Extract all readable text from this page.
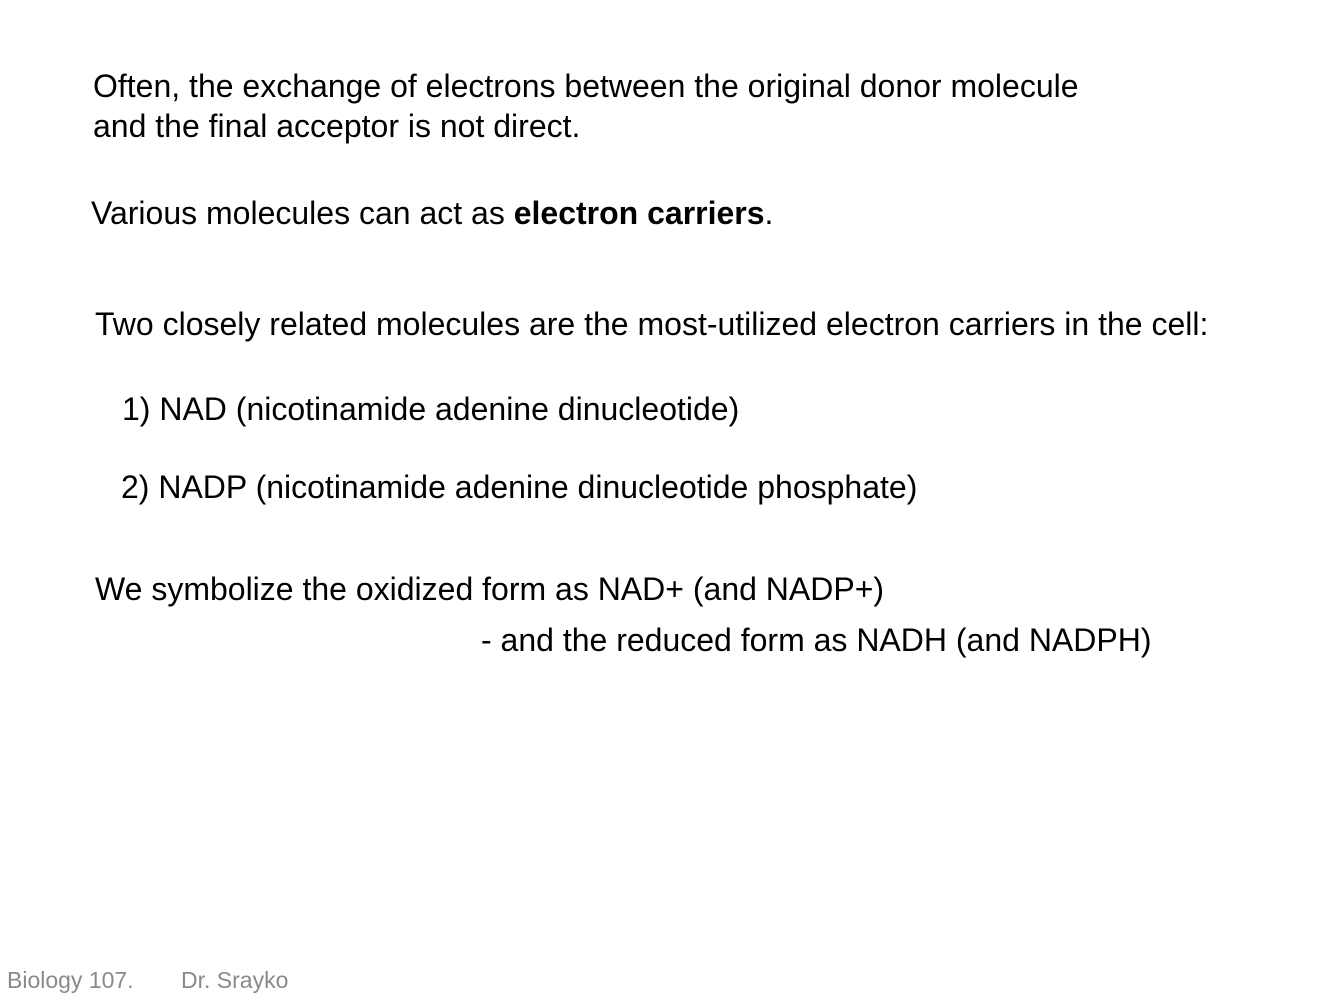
Often, the exchange of electrons between the original donor molecule

and the final acceptor is not direct.

Various molecules can act as electron carriers.

Two closely related molecules are the most-utilized electron carriers in the cell:

1) NAD (nicotinamide adenine dinucleotide)

2) NADP (nicotinamide adenine dinucleotide phosphate)

We symbolize the oxidized form as NAD+ (and NADP+)

- and the reduced form as NADH (and NADPH)

Biology 107. Dr. Srayko
